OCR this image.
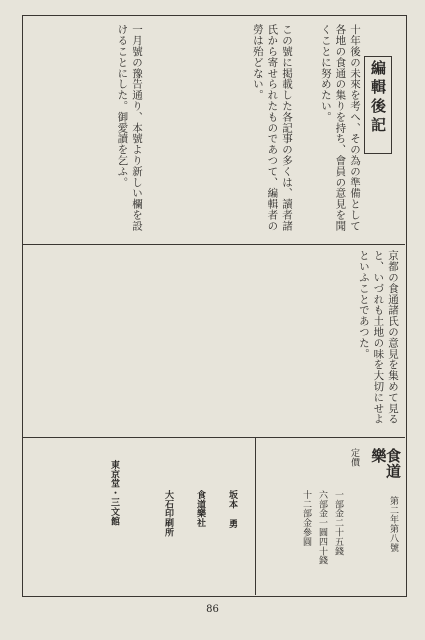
編輯後記
十年後の未來を考へ、その為の準備として各地の食通の集りを持ち、會員の意見を聞くことに努めたい。
この號に掲載した各記事の多くは、讀者諸氏から寄せられたものであつて、編輯者の勞は殆どない。
一月號の豫告通り、本號より新しい欄を設けることにした。御愛讀を乞ふ。
京都の食通諸氏の意見を集めて見ると、いづれも土地の味を大切にせよといふことであつた。
食道樂
第二年第八號
定價
一部金二十五錢
六部金一圓四十錢
十二部金參圓
坂本 勇
食道樂社
大石印刷所
東京堂・三文館
86
